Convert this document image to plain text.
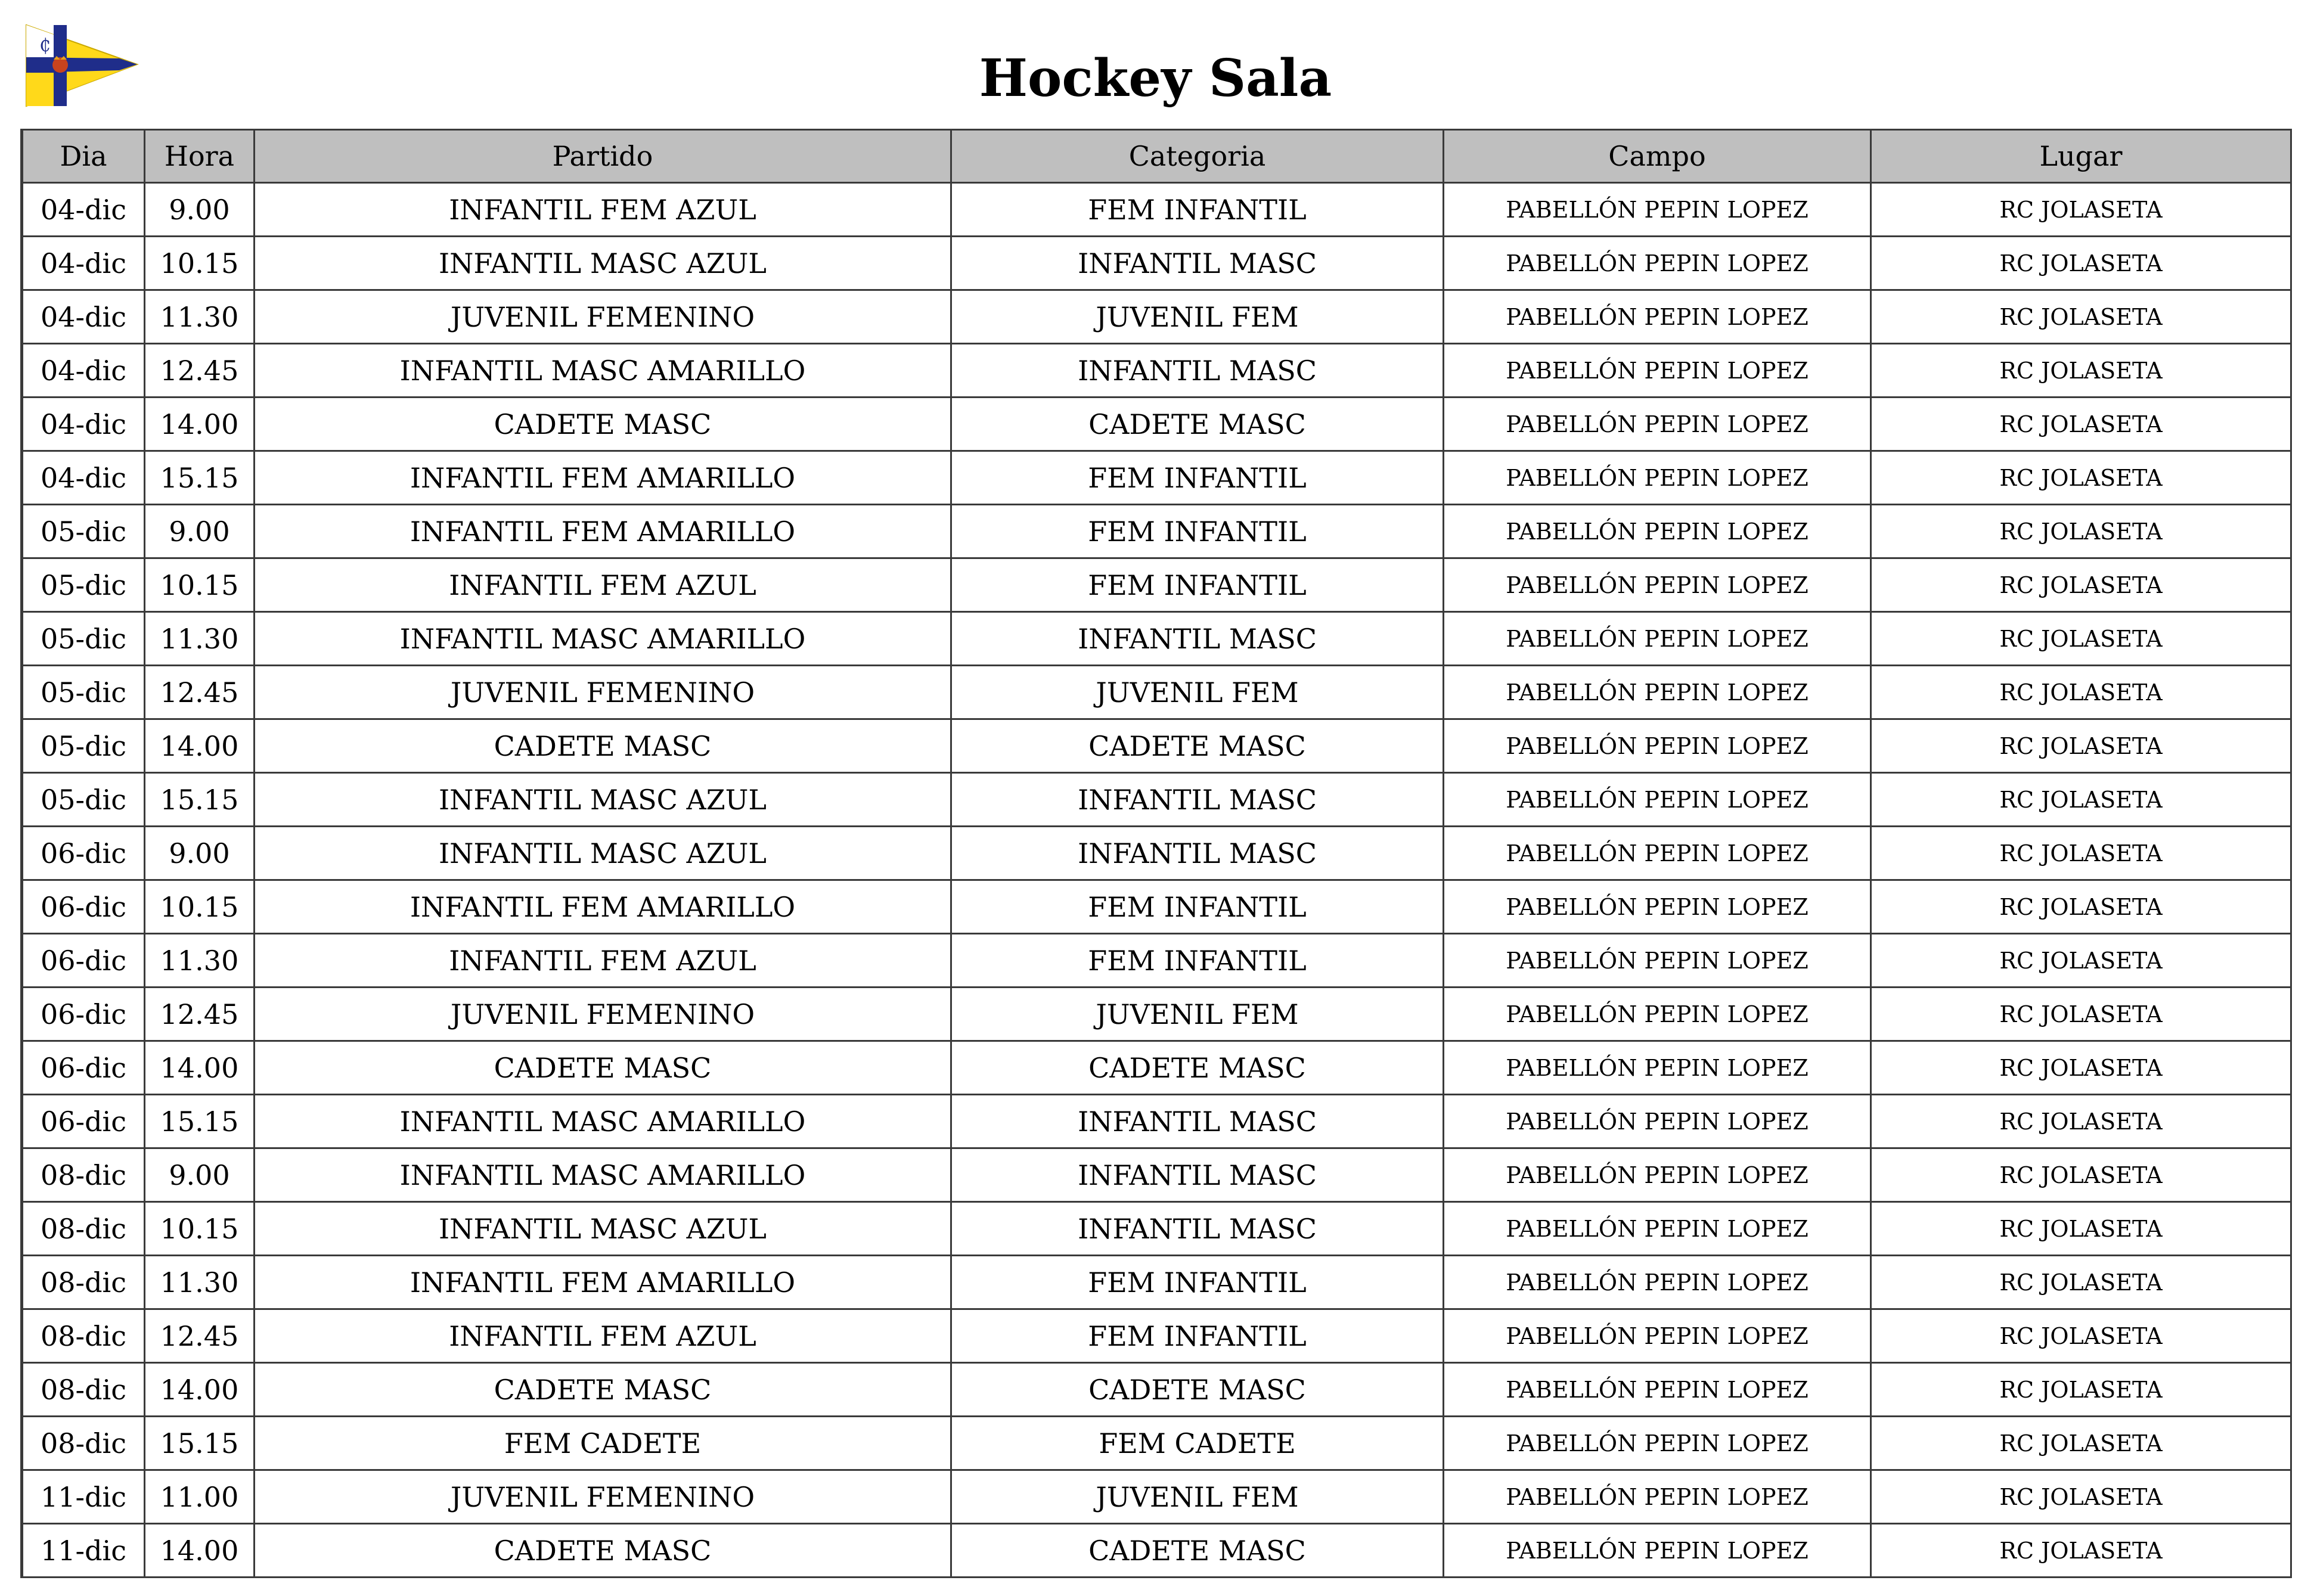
₵
Hockey Sala
Dia	Hora	Partido	Categoria	Campo	Lugar
04-dic	9.00	INFANTIL FEM AZUL	FEM INFANTIL	PABELLÓN PEPIN LOPEZ	RC JOLASETA
04-dic	10.15	INFANTIL MASC AZUL	INFANTIL MASC	PABELLÓN PEPIN LOPEZ	RC JOLASETA
04-dic	11.30	JUVENIL FEMENINO	JUVENIL FEM	PABELLÓN PEPIN LOPEZ	RC JOLASETA
04-dic	12.45	INFANTIL MASC AMARILLO	INFANTIL MASC	PABELLÓN PEPIN LOPEZ	RC JOLASETA
04-dic	14.00	CADETE MASC	CADETE MASC	PABELLÓN PEPIN LOPEZ	RC JOLASETA
04-dic	15.15	INFANTIL FEM AMARILLO	FEM INFANTIL	PABELLÓN PEPIN LOPEZ	RC JOLASETA
05-dic	9.00	INFANTIL FEM AMARILLO	FEM INFANTIL	PABELLÓN PEPIN LOPEZ	RC JOLASETA
05-dic	10.15	INFANTIL FEM AZUL	FEM INFANTIL	PABELLÓN PEPIN LOPEZ	RC JOLASETA
05-dic	11.30	INFANTIL MASC AMARILLO	INFANTIL MASC	PABELLÓN PEPIN LOPEZ	RC JOLASETA
05-dic	12.45	JUVENIL FEMENINO	JUVENIL FEM	PABELLÓN PEPIN LOPEZ	RC JOLASETA
05-dic	14.00	CADETE MASC	CADETE MASC	PABELLÓN PEPIN LOPEZ	RC JOLASETA
05-dic	15.15	INFANTIL MASC AZUL	INFANTIL MASC	PABELLÓN PEPIN LOPEZ	RC JOLASETA
06-dic	9.00	INFANTIL MASC AZUL	INFANTIL MASC	PABELLÓN PEPIN LOPEZ	RC JOLASETA
06-dic	10.15	INFANTIL FEM AMARILLO	FEM INFANTIL	PABELLÓN PEPIN LOPEZ	RC JOLASETA
06-dic	11.30	INFANTIL FEM AZUL	FEM INFANTIL	PABELLÓN PEPIN LOPEZ	RC JOLASETA
06-dic	12.45	JUVENIL FEMENINO	JUVENIL FEM	PABELLÓN PEPIN LOPEZ	RC JOLASETA
06-dic	14.00	CADETE MASC	CADETE MASC	PABELLÓN PEPIN LOPEZ	RC JOLASETA
06-dic	15.15	INFANTIL MASC AMARILLO	INFANTIL MASC	PABELLÓN PEPIN LOPEZ	RC JOLASETA
08-dic	9.00	INFANTIL MASC AMARILLO	INFANTIL MASC	PABELLÓN PEPIN LOPEZ	RC JOLASETA
08-dic	10.15	INFANTIL MASC AZUL	INFANTIL MASC	PABELLÓN PEPIN LOPEZ	RC JOLASETA
08-dic	11.30	INFANTIL FEM AMARILLO	FEM INFANTIL	PABELLÓN PEPIN LOPEZ	RC JOLASETA
08-dic	12.45	INFANTIL FEM AZUL	FEM INFANTIL	PABELLÓN PEPIN LOPEZ	RC JOLASETA
08-dic	14.00	CADETE MASC	CADETE MASC	PABELLÓN PEPIN LOPEZ	RC JOLASETA
08-dic	15.15	FEM CADETE	FEM CADETE	PABELLÓN PEPIN LOPEZ	RC JOLASETA
11-dic	11.00	JUVENIL FEMENINO	JUVENIL FEM	PABELLÓN PEPIN LOPEZ	RC JOLASETA
11-dic	14.00	CADETE MASC	CADETE MASC	PABELLÓN PEPIN LOPEZ	RC JOLASETA
